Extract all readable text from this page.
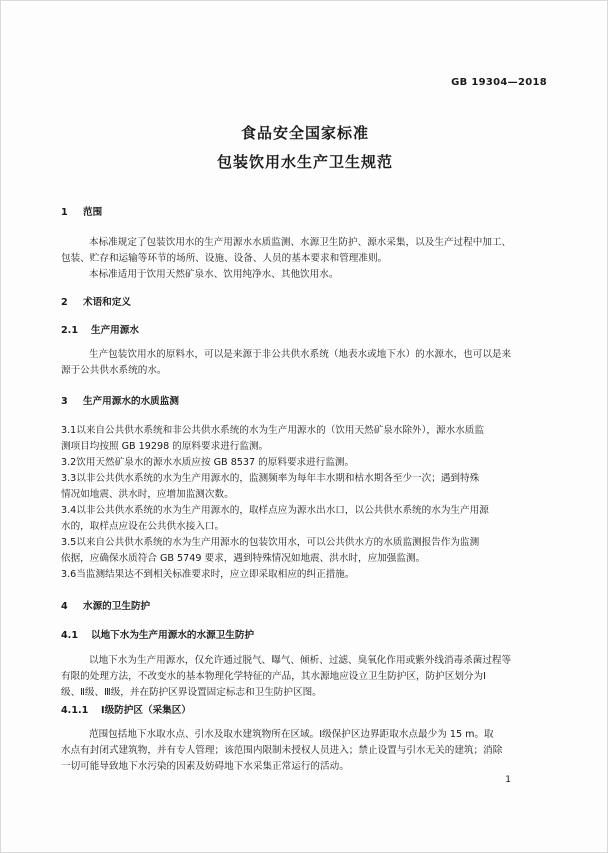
GB 19304—2018
食品安全国家标准
包装饮用水生产卫生规范
1 范围
本标准规定了包装饮用水的生产用源水水质监测、水源卫生防护、源水采集，以及生产过程中加工、
包装、贮存和运输等环节的场所、设施、设备、人员的基本要求和管理准则。
本标准适用于饮用天然矿泉水、饮用纯净水、其他饮用水。
2 术语和定义
2.1 生产用源水
生产包装饮用水的原料水，可以是来源于非公共供水系统（地表水或地下水）的水源水，也可以是来
源于公共供水系统的水。
3 生产用源水的水质监测
3.1以来自公共供水系统和非公共供水系统的水为生产用源水的（饮用天然矿泉水除外），源水水质监
测项目均按照 GB 19298 的原料要求进行监测。
3.2饮用天然矿泉水的源水水质应按 GB 8537 的原料要求进行监测。
3.3以非公共供水系统的水为生产用源水的，监测频率为每年丰水期和枯水期各至少一次；遇到特殊
情况如地震、洪水时，应增加监测次数。
3.4以非公共供水系统的水为生产用源水的，取样点应为源水出水口，以公共供水系统的水为生产用源
水的，取样点应设在公共供水接入口。
3.5以来自公共供水系统的水为生产用源水的包装饮用水，可以公共供水方的水质监测报告作为监测
依据，应确保水质符合 GB 5749 要求，遇到特殊情况如地震、洪水时，应加强监测。
3.6当监测结果达不到相关标准要求时，应立即采取相应的纠正措施。
4 水源的卫生防护
4.1 以地下水为生产用源水的水源卫生防护
以地下水为生产用源水，仅允许通过脱气、曝气、倾析、过滤、臭氧化作用或紫外线消毒杀菌过程等
有限的处理方法，不改变水的基本物理化学特征的产品，其水源地应设立卫生防护区，防护区划分为Ⅰ
级、Ⅱ级、Ⅲ级，并在防护区界设置固定标志和卫生防护区图。
4.1.1 Ⅰ级防护区（采集区）
范围包括地下水取水点、引水及取水建筑物所在区域。Ⅰ级保护区边界距取水点最少为 15 m。取
水点有封闭式建筑物，并有专人管理；该范围内限制未授权人员进入；禁止设置与引水无关的建筑；消除
一切可能导致地下水污染的因素及妨碍地下水采集正常运行的活动。
1
